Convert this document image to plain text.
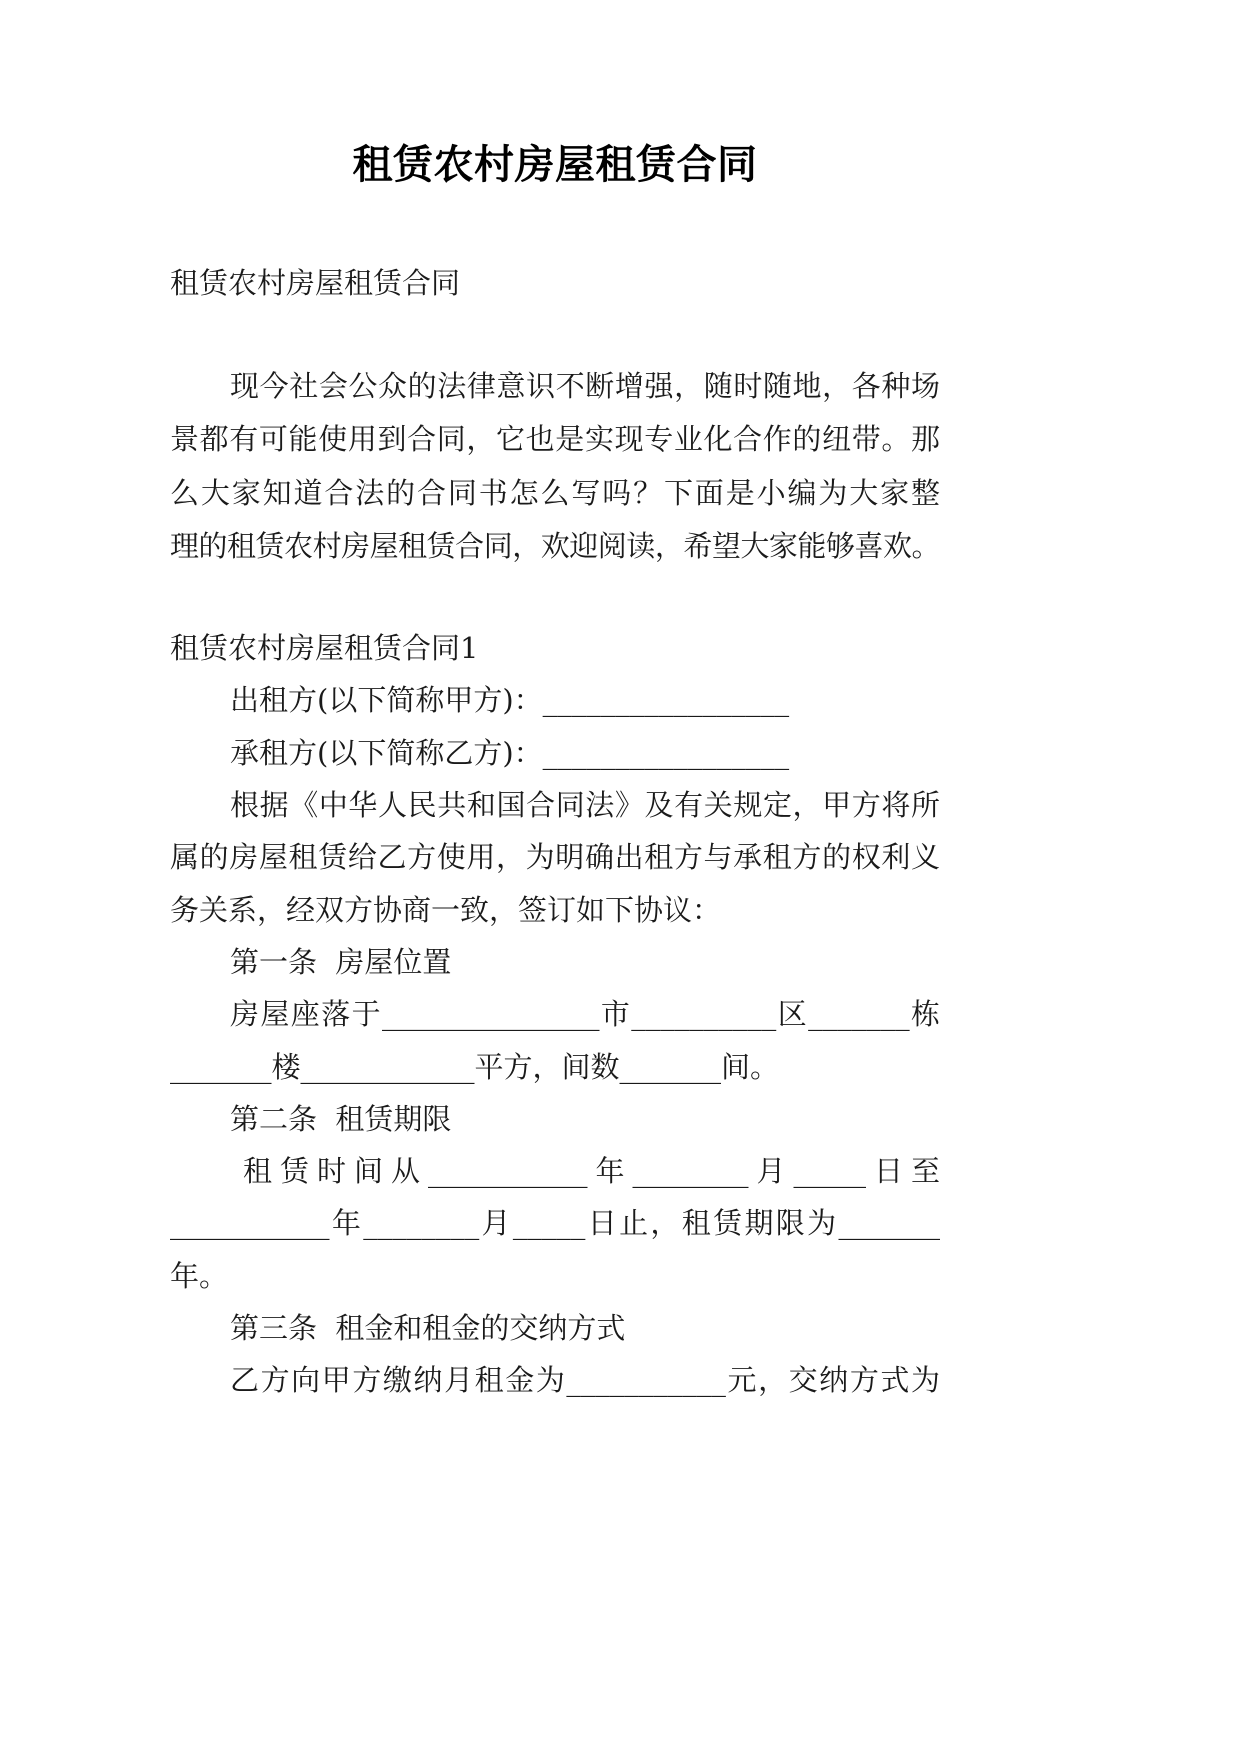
租赁农村房屋租赁合同
租赁农村房屋租赁合同
现今社会公众的法律意识不断增强，随时随地，各种场
景都有可能使用到合同，它也是实现专业化合作的纽带。那
么大家知道合法的合同书怎么写吗？下面是小编为大家整
理的租赁农村房屋租赁合同，欢迎阅读，希望大家能够喜欢。
租赁农村房屋租赁合同1
出租方(以下简称甲方)：_________________
承租方(以下简称乙方)：_________________
根据《中华人民共和国合同法》及有关规定，甲方将所
属的房屋租赁给乙方使用，为明确出租方与承租方的权利义
务关系，经双方协商一致，签订如下协议：
第一条  房屋位置
房屋座落于_______________市__________区_______栋
_______楼____________平方，间数_______间。
第二条  租赁期限
租赁时间从___________年________月_____日至
___________年________月_____日止，租赁期限为_______
年。
第三条  租金和租金的交纳方式
乙方向甲方缴纳月租金为___________元，交纳方式为
